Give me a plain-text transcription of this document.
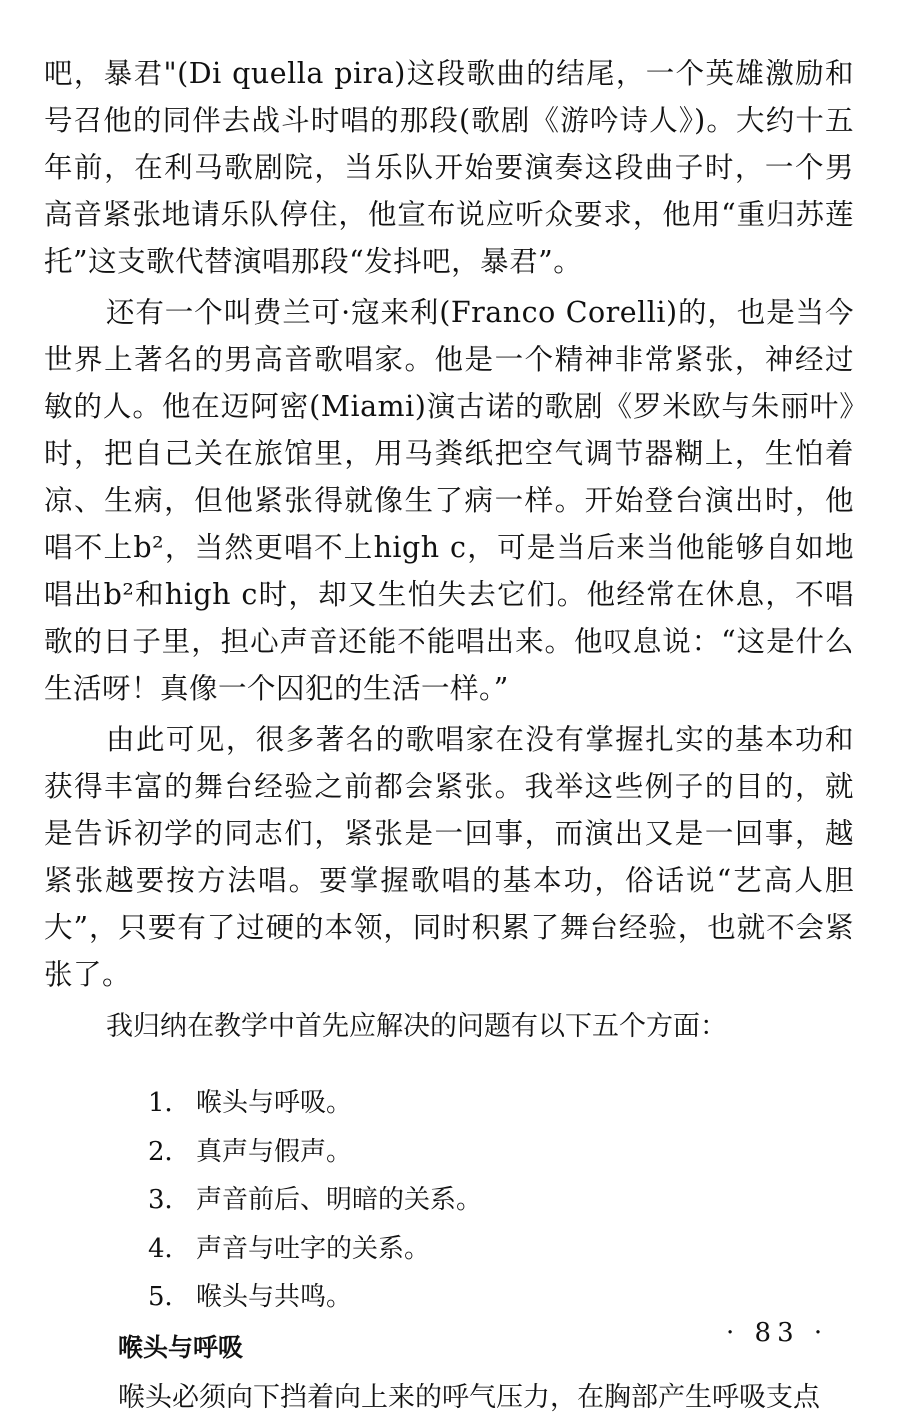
吧，暴君"(Di quella pira)这段歌曲的结尾，一个英雄激励和号召他的同伴去战斗时唱的那段(歌剧《游吟诗人》)。大约十五年前，在利马歌剧院，当乐队开始要演奏这段曲子时，一个男高音紧张地请乐队停住，他宣布说应听众要求，他用“重归苏莲托”这支歌代替演唱那段“发抖吧，暴君”。

还有一个叫费兰可·寇来利(Franco Corelli)的，也是当今世界上著名的男高音歌唱家。他是一个精神非常紧张，神经过敏的人。他在迈阿密(Miami)演古诺的歌剧《罗米欧与朱丽叶》时，把自己关在旅馆里，用马粪纸把空气调节器糊上，生怕着凉、生病，但他紧张得就像生了病一样。开始登台演出时，他唱不上b²，当然更唱不上high c，可是当后来当他能够自如地唱出b²和high c时，却又生怕失去它们。他经常在休息，不唱歌的日子里，担心声音还能不能唱出来。他叹息说：“这是什么生活呀！真像一个囚犯的生活一样。”

由此可见，很多著名的歌唱家在没有掌握扎实的基本功和获得丰富的舞台经验之前都会紧张。我举这些例子的目的，就是告诉初学的同志们，紧张是一回事，而演出又是一回事，越紧张越要按方法唱。要掌握歌唱的基本功，俗话说“艺高人胆大”，只要有了过硬的本领，同时积累了舞台经验，也就不会紧张了。

我归纳在教学中首先应解决的问题有以下五个方面：

1． 喉头与呼吸。
2． 真声与假声。
3． 声音前后、明暗的关系。
4． 声音与吐字的关系。
5． 喉头与共鸣。
喉头与呼吸

喉头必须向下挡着向上来的呼气压力，在胸部产生呼吸支点

· 83 ·
